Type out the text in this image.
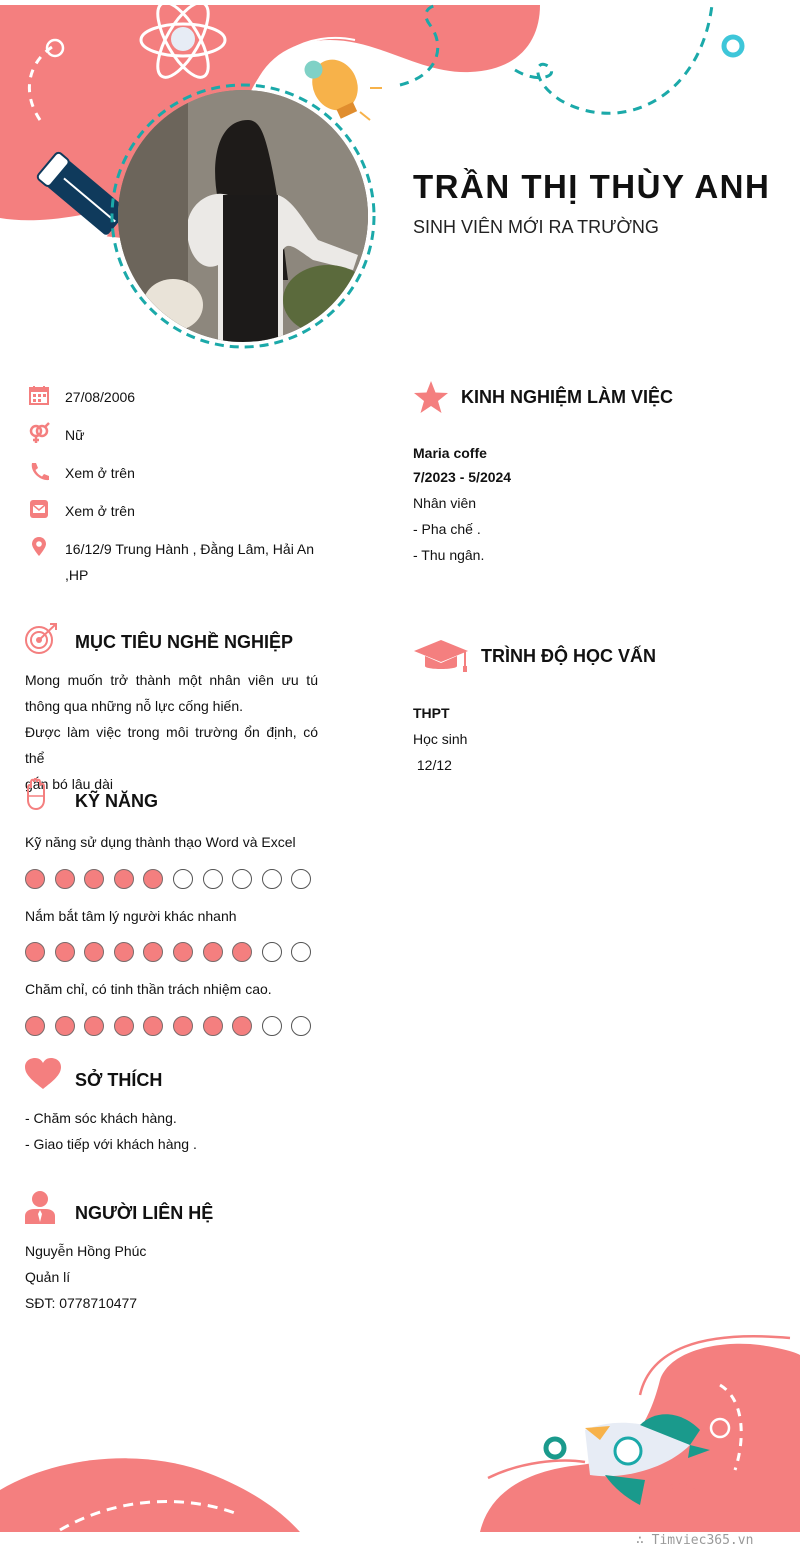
TRẦN THỊ THÙY ANH
SINH VIÊN MỚI RA TRƯỜNG
27/08/2006
Nữ
Xem ở trên
Xem ở trên
16/12/9 Trung Hành , Đằng Lâm, Hải An
,HP
MỤC TIÊU NGHỀ NGHIỆP
Mong muốn trở thành một nhân viên ưu tú
thông qua những nỗ lực cống hiến.
Được làm việc trong môi trường ổn định, có thể
gắn bó lâu dài
KỸ NĂNG
Kỹ năng sử dụng thành thạo Word và Excel
Nắm bắt tâm lý người khác nhanh
Chăm chỉ, có tinh thần trách nhiệm cao.
SỞ THÍCH
- Chăm sóc khách hàng.
- Giao tiếp với khách hàng .
NGƯỜI LIÊN HỆ
Nguyễn Hồng Phúc
Quản lí
SĐT: 0778710477
KINH NGHIỆM LÀM VIỆC
Maria coffe
7/2023 - 5/2024
Nhân viên
- Pha chế .
- Thu ngân.
TRÌNH ĐỘ HỌC VẤN
THPT
Học sinh
12/12
∴ Timviec365.vn
